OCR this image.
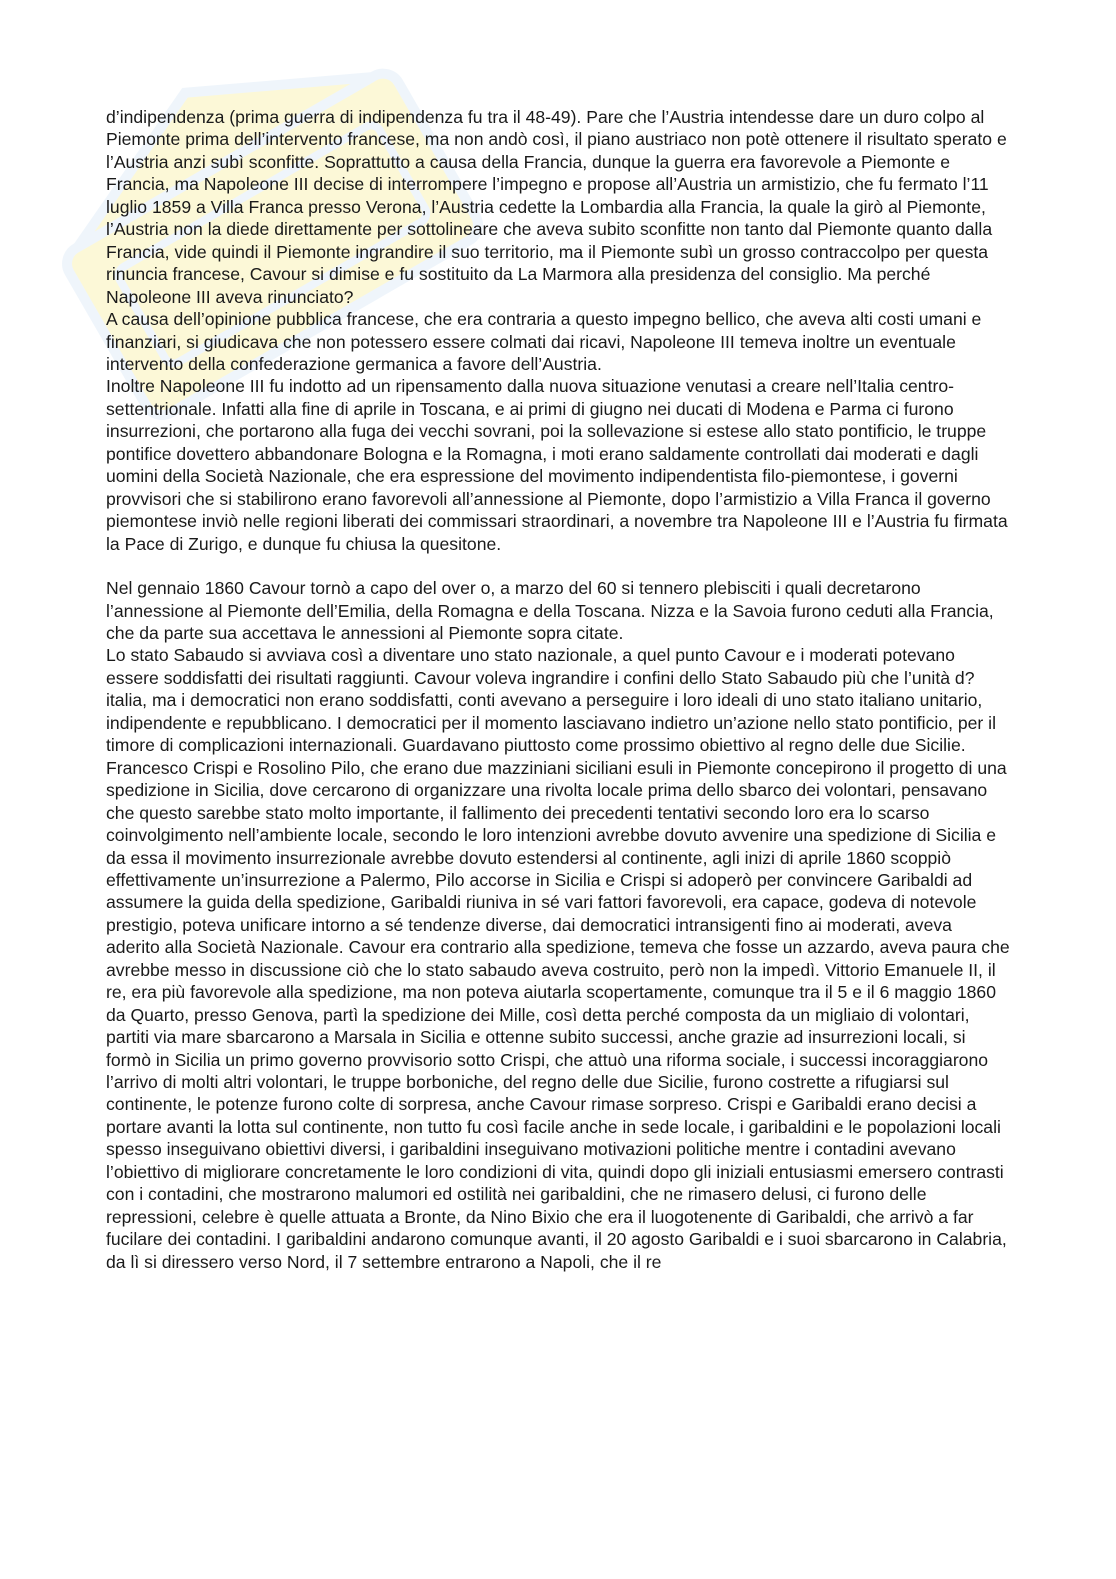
d’indipendenza (prima guerra di indipendenza fu tra il 48-49). Pare che l’Austria intendesse dare un duro colpo al Piemonte prima dell’intervento francese, ma non andò così, il piano austriaco non potè ottenere il risultato sperato e l’Austria anzi subì sconfitte. Soprattutto a causa della Francia, dunque la guerra era favorevole a Piemonte e Francia, ma Napoleone III decise di interrompere l’impegno e propose all’Austria un armistizio, che fu fermato l’11 luglio 1859 a Villa Franca presso Verona, l’Austria cedette la Lombardia alla Francia, la quale la girò al Piemonte, l’Austria non la diede direttamente per sottolineare che aveva subito sconfitte non tanto dal Piemonte quanto dalla Francia, vide quindi il Piemonte ingrandire il suo territorio, ma il Piemonte subì un grosso contraccolpo per questa rinuncia francese, Cavour si dimise e fu sostituito da La Marmora alla presidenza del consiglio. Ma perché Napoleone III aveva rinunciato?
A causa dell’opinione pubblica francese, che era contraria a questo impegno bellico, che aveva alti costi umani e finanziari, si giudicava che non potessero essere colmati dai ricavi, Napoleone III temeva inoltre un eventuale intervento della confederazione germanica a favore dell’Austria.
Inoltre Napoleone III fu indotto ad un ripensamento dalla nuova situazione venutasi a creare nell’Italia centro-settentrionale. Infatti alla fine di aprile in Toscana, e ai primi di giugno nei ducati di Modena e Parma ci furono insurrezioni, che portarono alla fuga dei vecchi sovrani, poi la sollevazione si estese allo stato pontificio, le truppe pontifice dovettero abbandonare Bologna e la Romagna, i moti erano saldamente controllati dai moderati e dagli uomini della Società Nazionale, che era espressione del movimento indipendentista filo-piemontese, i governi provvisori che si stabilirono erano favorevoli all’annessione al Piemonte, dopo l’armistizio a Villa Franca il governo piemontese inviò nelle regioni liberati dei commissari straordinari, a novembre tra Napoleone III e l’Austria fu firmata la Pace di Zurigo, e dunque fu chiusa la quesitone.

Nel gennaio 1860 Cavour tornò a capo del over o, a marzo del 60 si tennero plebisciti i quali decretarono l’annessione al Piemonte dell’Emilia, della Romagna e della Toscana. Nizza e la Savoia furono ceduti alla Francia, che da parte sua accettava le annessioni al Piemonte sopra citate.
Lo stato Sabaudo si avviava così a diventare uno stato nazionale, a quel punto Cavour e i moderati potevano essere soddisfatti dei risultati raggiunti. Cavour voleva ingrandire i confini dello Stato Sabaudo più che l’unità d?italia, ma i democratici non erano soddisfatti, conti avevano a perseguire i loro ideali di uno stato italiano unitario, indipendente e repubblicano. I democratici per il momento lasciavano indietro un’azione nello stato pontificio, per il timore di complicazioni internazionali. Guardavano piuttosto come prossimo obiettivo al regno delle due Sicilie.
Francesco Crispi e Rosolino Pilo, che erano due mazziniani siciliani esuli in Piemonte concepirono il progetto di una spedizione in Sicilia, dove cercarono di organizzare una rivolta locale prima dello sbarco dei volontari, pensavano che questo sarebbe stato molto importante, il fallimento dei precedenti tentativi secondo loro era lo scarso coinvolgimento nell’ambiente locale, secondo le loro intenzioni avrebbe dovuto avvenire una spedizione di Sicilia e da essa il movimento insurrezionale avrebbe dovuto estendersi al continente, agli inizi di aprile 1860 scoppiò effettivamente un’insurrezione a Palermo, Pilo accorse in Sicilia e Crispi si adoperò per convincere Garibaldi ad assumere la guida della spedizione, Garibaldi riuniva in sé vari fattori favorevoli, era capace, godeva di notevole prestigio, poteva unificare intorno a sé tendenze diverse, dai democratici intransigenti fino ai moderati, aveva aderito alla Società Nazionale. Cavour era contrario alla spedizione, temeva che fosse un azzardo, aveva paura che avrebbe messo in discussione ciò che lo stato sabaudo aveva costruito, però non la impedì. Vittorio Emanuele II, il re, era più favorevole alla spedizione, ma non poteva aiutarla scopertamente, comunque tra il 5 e il 6 maggio 1860 da Quarto, presso Genova, partì la spedizione dei Mille, così detta perché composta da un migliaio di volontari, partiti via mare sbarcarono a Marsala in Sicilia e ottenne subito successi, anche grazie ad insurrezioni locali, si formò in Sicilia un primo governo provvisorio sotto Crispi, che attuò una riforma sociale, i successi incoraggiarono l’arrivo di molti altri volontari, le truppe borboniche, del regno delle due Sicilie, furono costrette a rifugiarsi sul continente, le potenze furono colte di sorpresa, anche Cavour rimase sorpreso. Crispi e Garibaldi erano decisi a portare avanti la lotta sul continente, non tutto fu così facile anche in sede locale, i garibaldini e le popolazioni locali spesso inseguivano obiettivi diversi, i garibaldini inseguivano motivazioni politiche mentre i contadini avevano l’obiettivo di migliorare concretamente le loro condizioni di vita, quindi dopo gli iniziali entusiasmi emersero contrasti con i contadini, che mostrarono malumori ed ostilità nei garibaldini, che ne rimasero delusi, ci furono delle repressioni, celebre è quelle attuata a Bronte, da Nino Bixio che era il luogotenente di Garibaldi, che arrivò a far fucilare dei contadini. I garibaldini andarono comunque avanti, il 20 agosto Garibaldi e i suoi sbarcarono in Calabria, da lì si diressero verso Nord, il 7 settembre entrarono a Napoli, che il re
